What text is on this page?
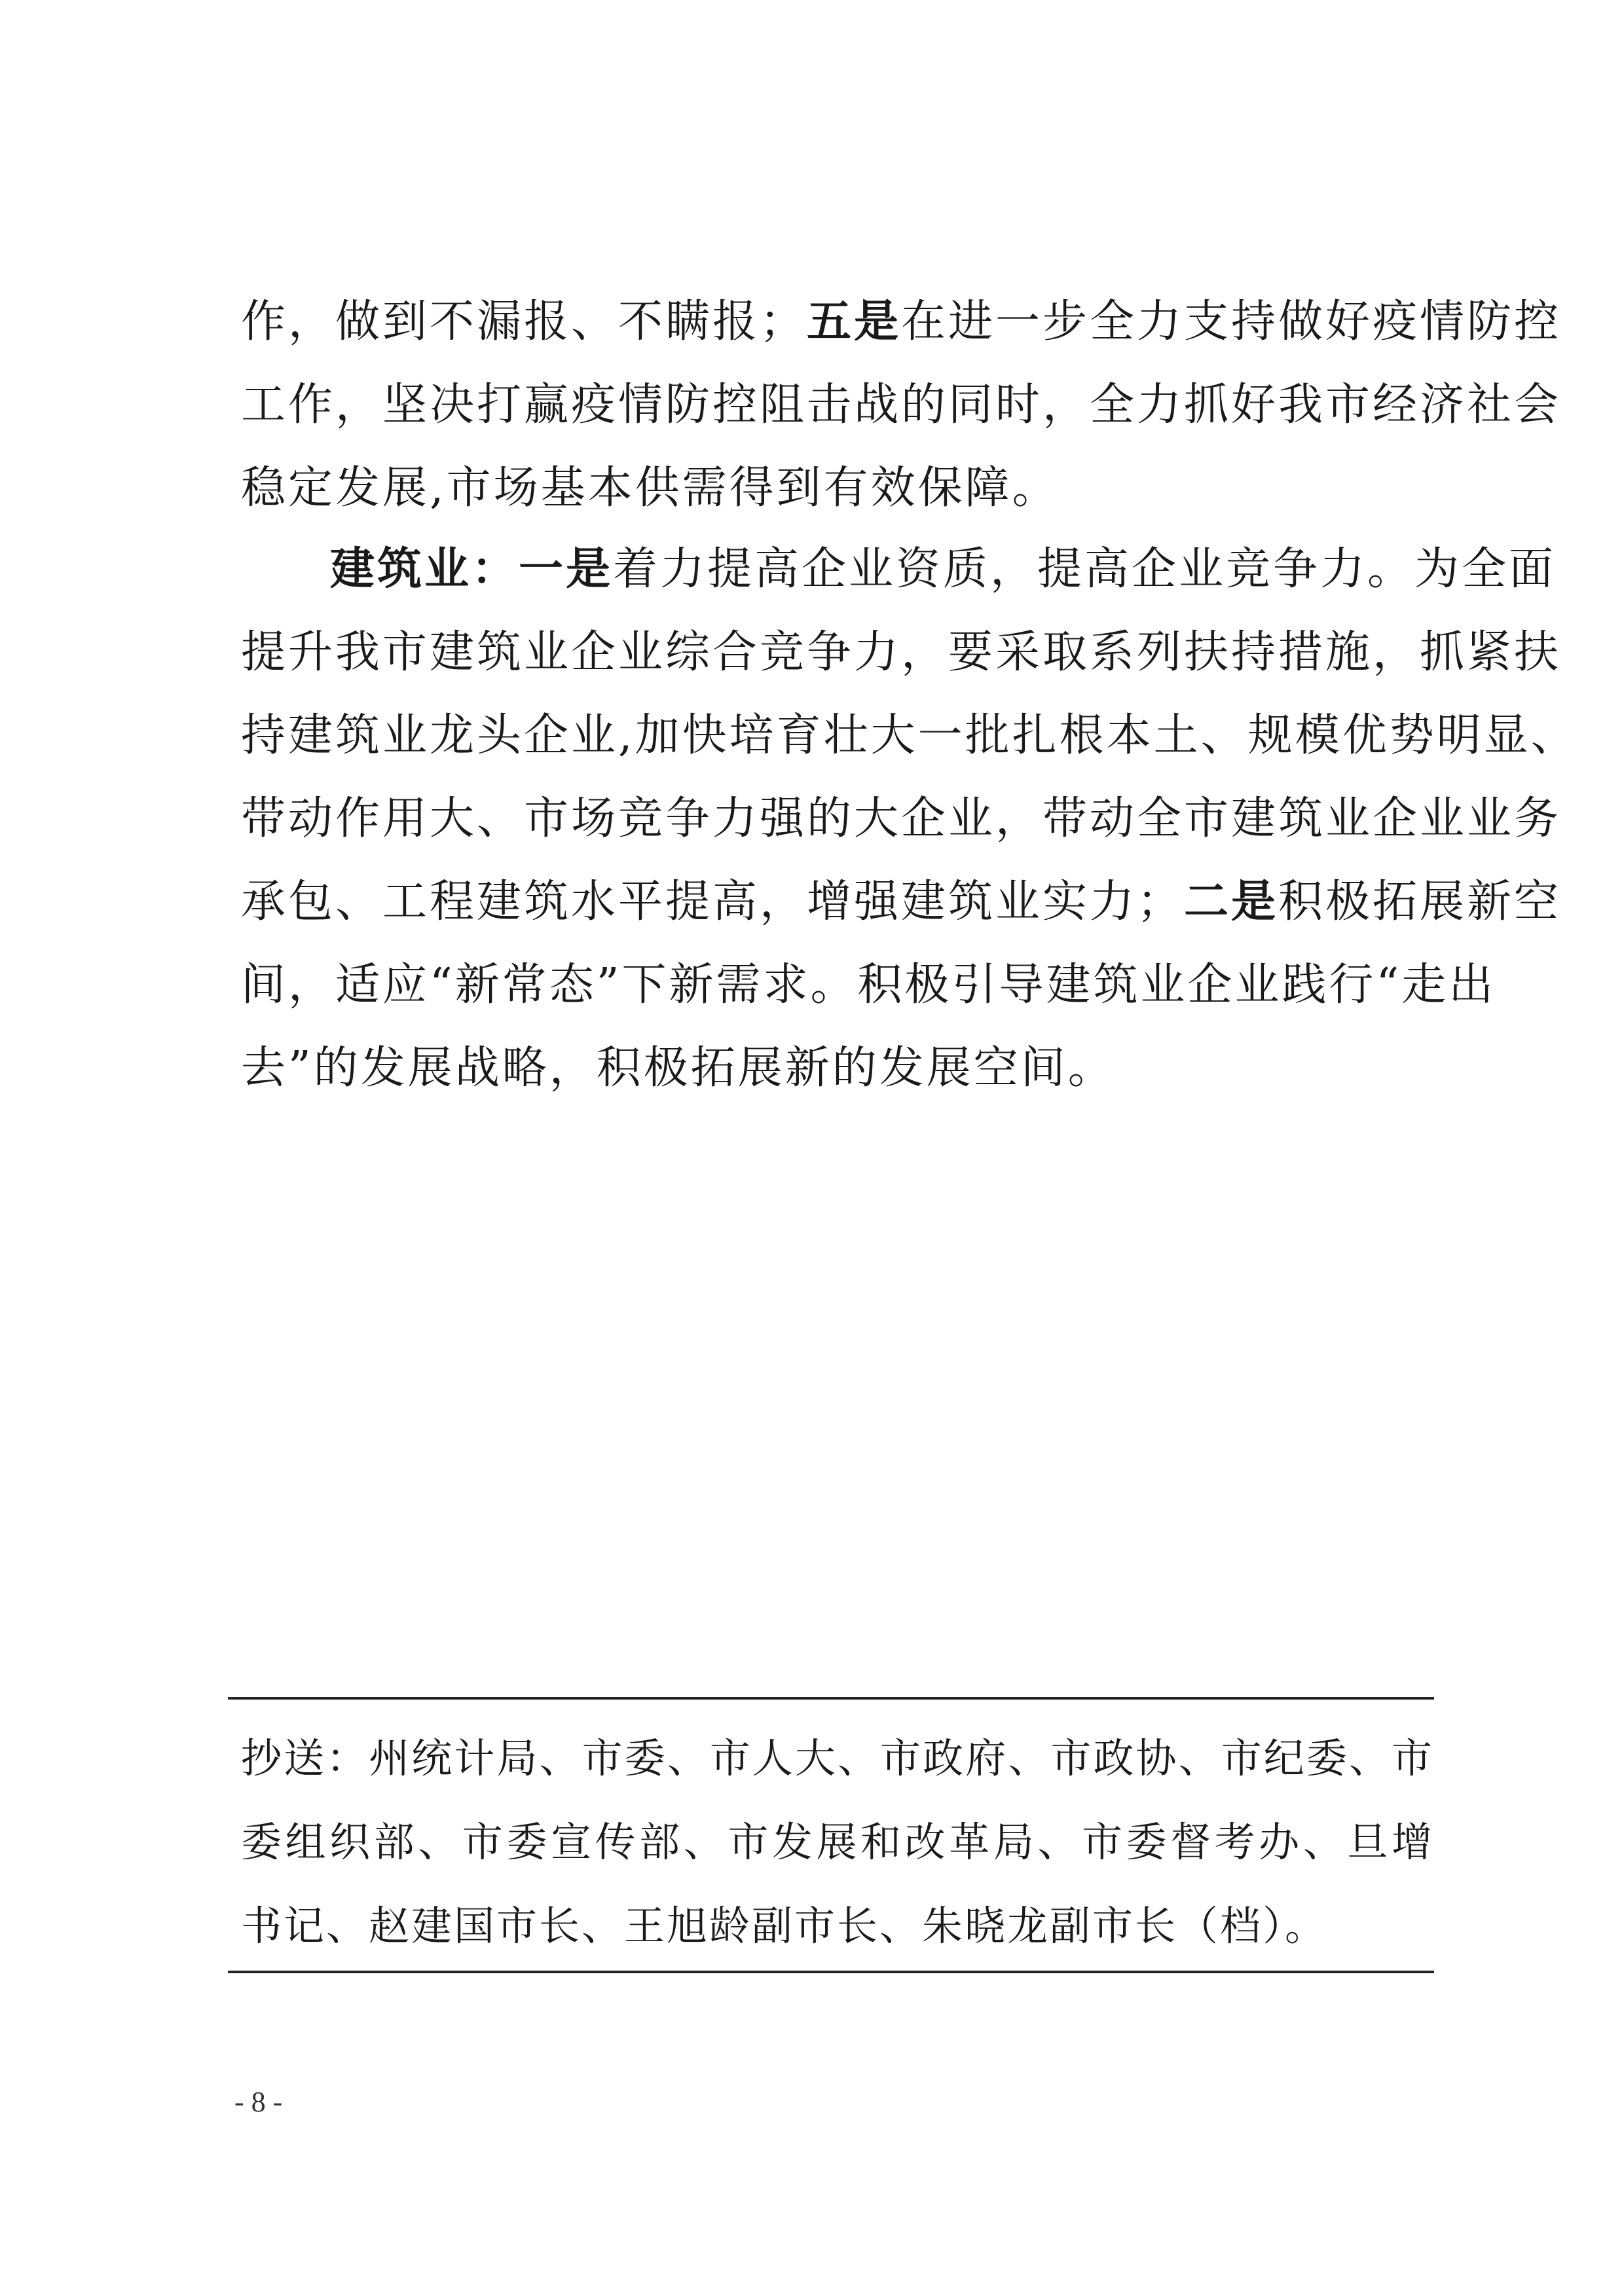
作，做到不漏报、不瞒报；五是在进一步全力支持做好疫情防控
工作，坚决打赢疫情防控阻击战的同时，全力抓好我市经济社会
稳定发展,市场基本供需得到有效保障。
建筑业：一是着力提高企业资质，提高企业竞争力。为全面
提升我市建筑业企业综合竞争力，要采取系列扶持措施，抓紧扶
持建筑业龙头企业,加快培育壮大一批扎根本土、规模优势明显、
带动作用大、市场竞争力强的大企业，带动全市建筑业企业业务
承包、工程建筑水平提高，增强建筑业实力；二是积极拓展新空
间，适应“新常态”下新需求。积极引导建筑业企业践行“走出
去”的发展战略，积极拓展新的发展空间。
抄送：州统计局、市委、市人大、市政府、市政协、市纪委、市
委组织部、市委宣传部、市发展和改革局、市委督考办、旦增
书记、赵建国市长、王旭龄副市长、朱晓龙副市长（档）。
- 8 -
